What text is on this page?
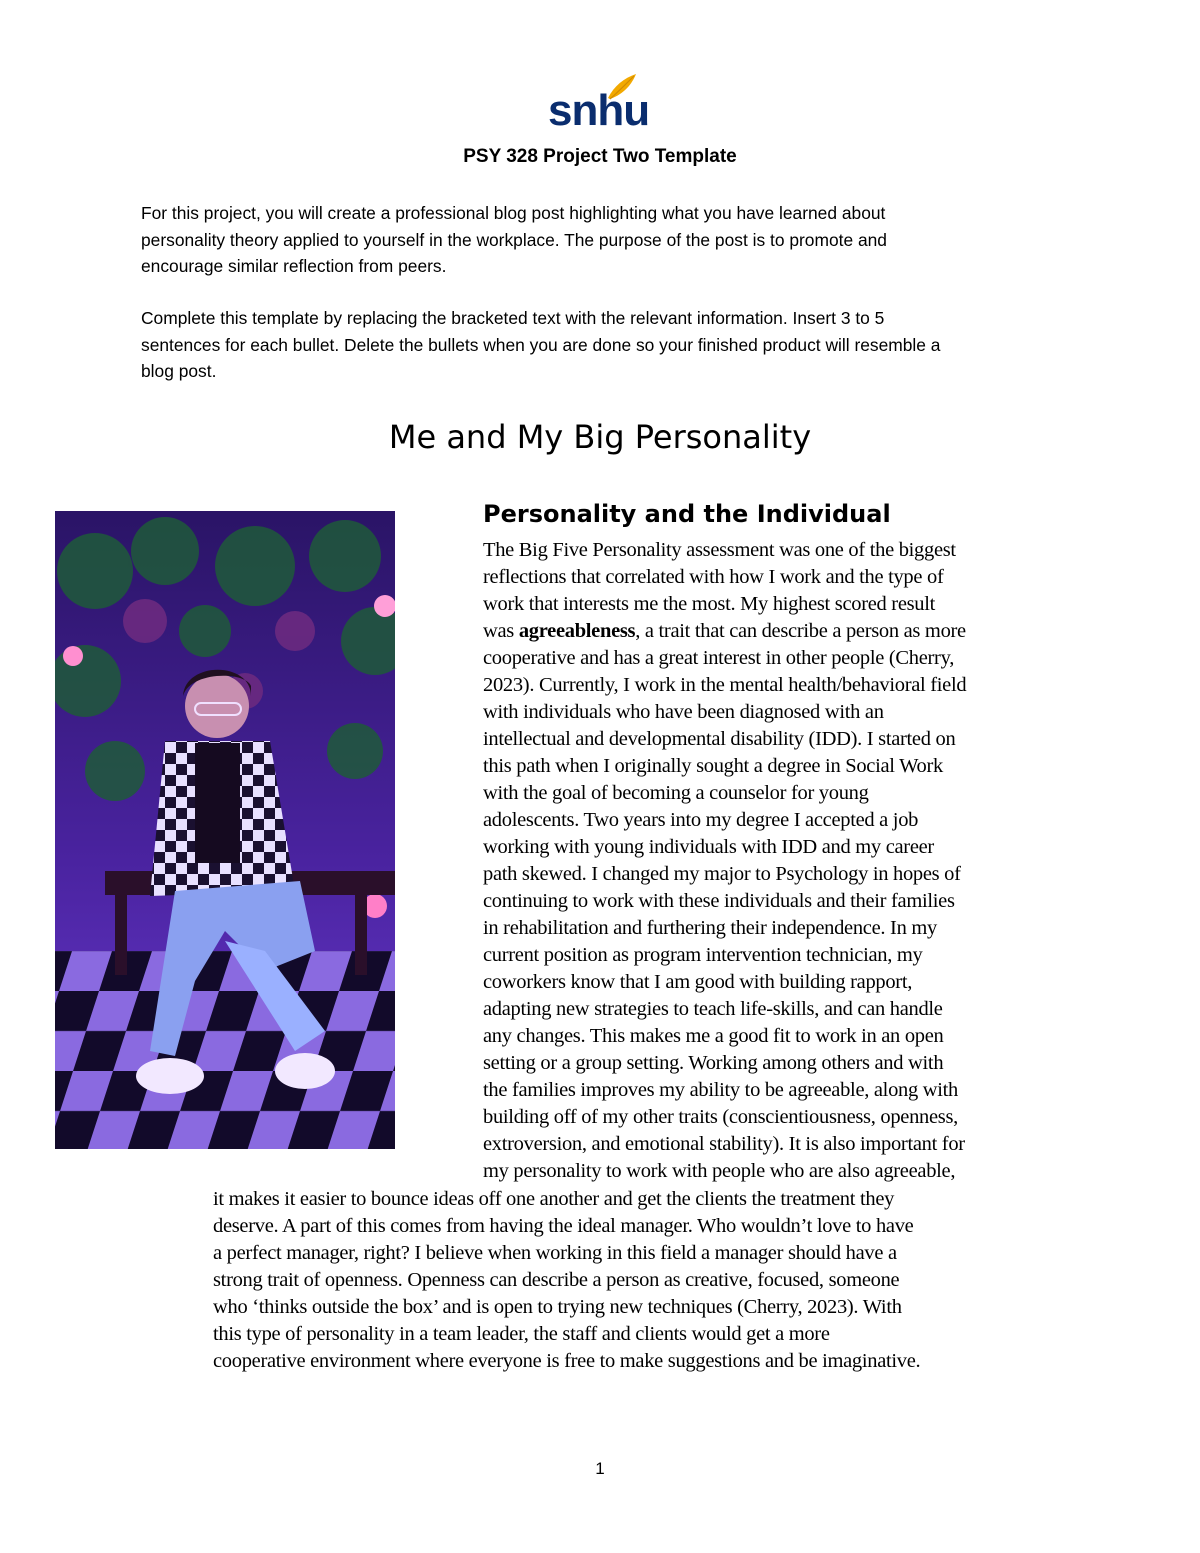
snhu
PSY 328 Project Two Template

For this project, you will create a professional blog post highlighting what you have learned about
personality theory applied to yourself in the workplace. The purpose of the post is to promote and
encourage similar reflection from peers.

Complete this template by replacing the bracketed text with the relevant information. Insert 3 to 5
sentences for each bullet. Delete the bullets when you are done so your finished product will resemble a
blog post.

Me and My Big Personality
Personality and the Individual
The Big Five Personality assessment was one of the biggest
reflections that correlated with how I work and the type of
work that interests me the most. My highest scored result
was agreeableness, a trait that can describe a person as more
cooperative and has a great interest in other people (Cherry,
2023). Currently, I work in the mental health/behavioral field
with individuals who have been diagnosed with an
intellectual and developmental disability (IDD). I started on
this path when I originally sought a degree in Social Work
with the goal of becoming a counselor for young
adolescents. Two years into my degree I accepted a job
working with young individuals with IDD and my career
path skewed. I changed my major to Psychology in hopes of
continuing to work with these individuals and their families
in rehabilitation and furthering their independence. In my
current position as program intervention technician, my
coworkers know that I am good with building rapport,
adapting new strategies to teach life-skills, and can handle
any changes. This makes me a good fit to work in an open
setting or a group setting. Working among others and with
the families improves my ability to be agreeable, along with
building off of my other traits (conscientiousness, openness,
extroversion, and emotional stability). It is also important for
my personality to work with people who are also agreeable,
it makes it easier to bounce ideas off one another and get the clients the treatment they
deserve. A part of this comes from having the ideal manager. Who wouldn’t love to have
a perfect manager, right? I believe when working in this field a manager should have a
strong trait of openness. Openness can describe a person as creative, focused, someone
who ‘thinks outside the box’ and is open to trying new techniques (Cherry, 2023). With
this type of personality in a team leader, the staff and clients would get a more
cooperative environment where everyone is free to make suggestions and be imaginative.
1
